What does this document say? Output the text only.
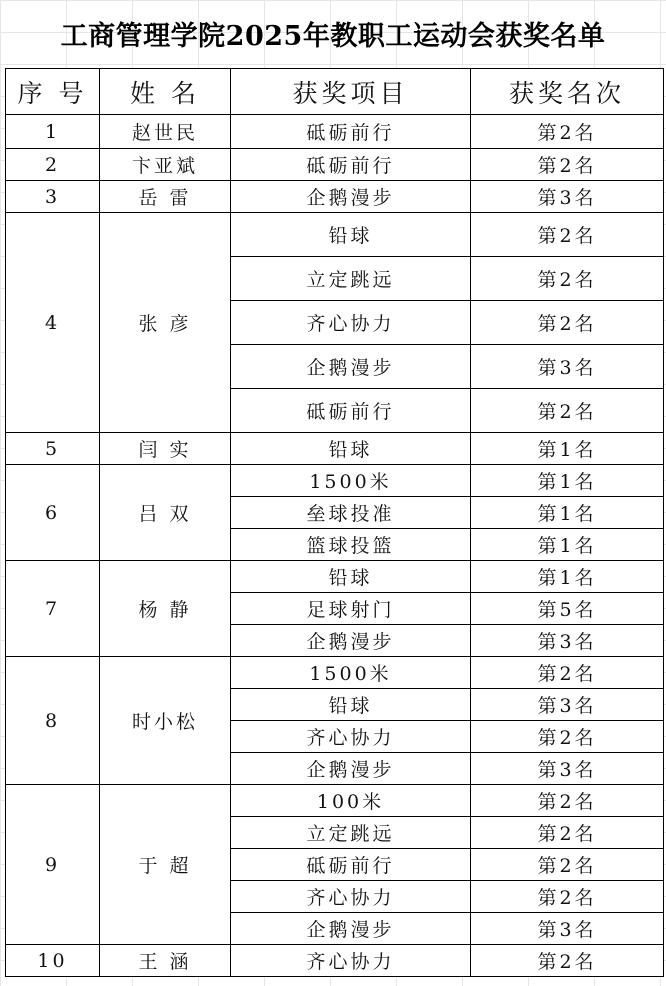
工商管理学院2025年教职工运动会获奖名单
序 号	姓 名	获奖项目	获奖名次
1	赵世民	砥砺前行	第2名
2	卞亚斌	砥砺前行	第2名
3	岳 雷	企鹅漫步	第3名
4	张 彦	铅球	第2名
		立定跳远	第2名
		齐心协力	第2名
		企鹅漫步	第3名
		砥砺前行	第2名
5	闫 实	铅球	第1名
6	吕 双	1500米	第1名
		垒球投准	第1名
		篮球投篮	第1名
7	杨 静	铅球	第1名
		足球射门	第5名
		企鹅漫步	第3名
8	时小松	1500米	第2名
		铅球	第3名
		齐心协力	第2名
		企鹅漫步	第3名
9	于 超	100米	第2名
		立定跳远	第2名
		砥砺前行	第2名
		齐心协力	第2名
		企鹅漫步	第3名
10	王 涵	齐心协力	第2名
